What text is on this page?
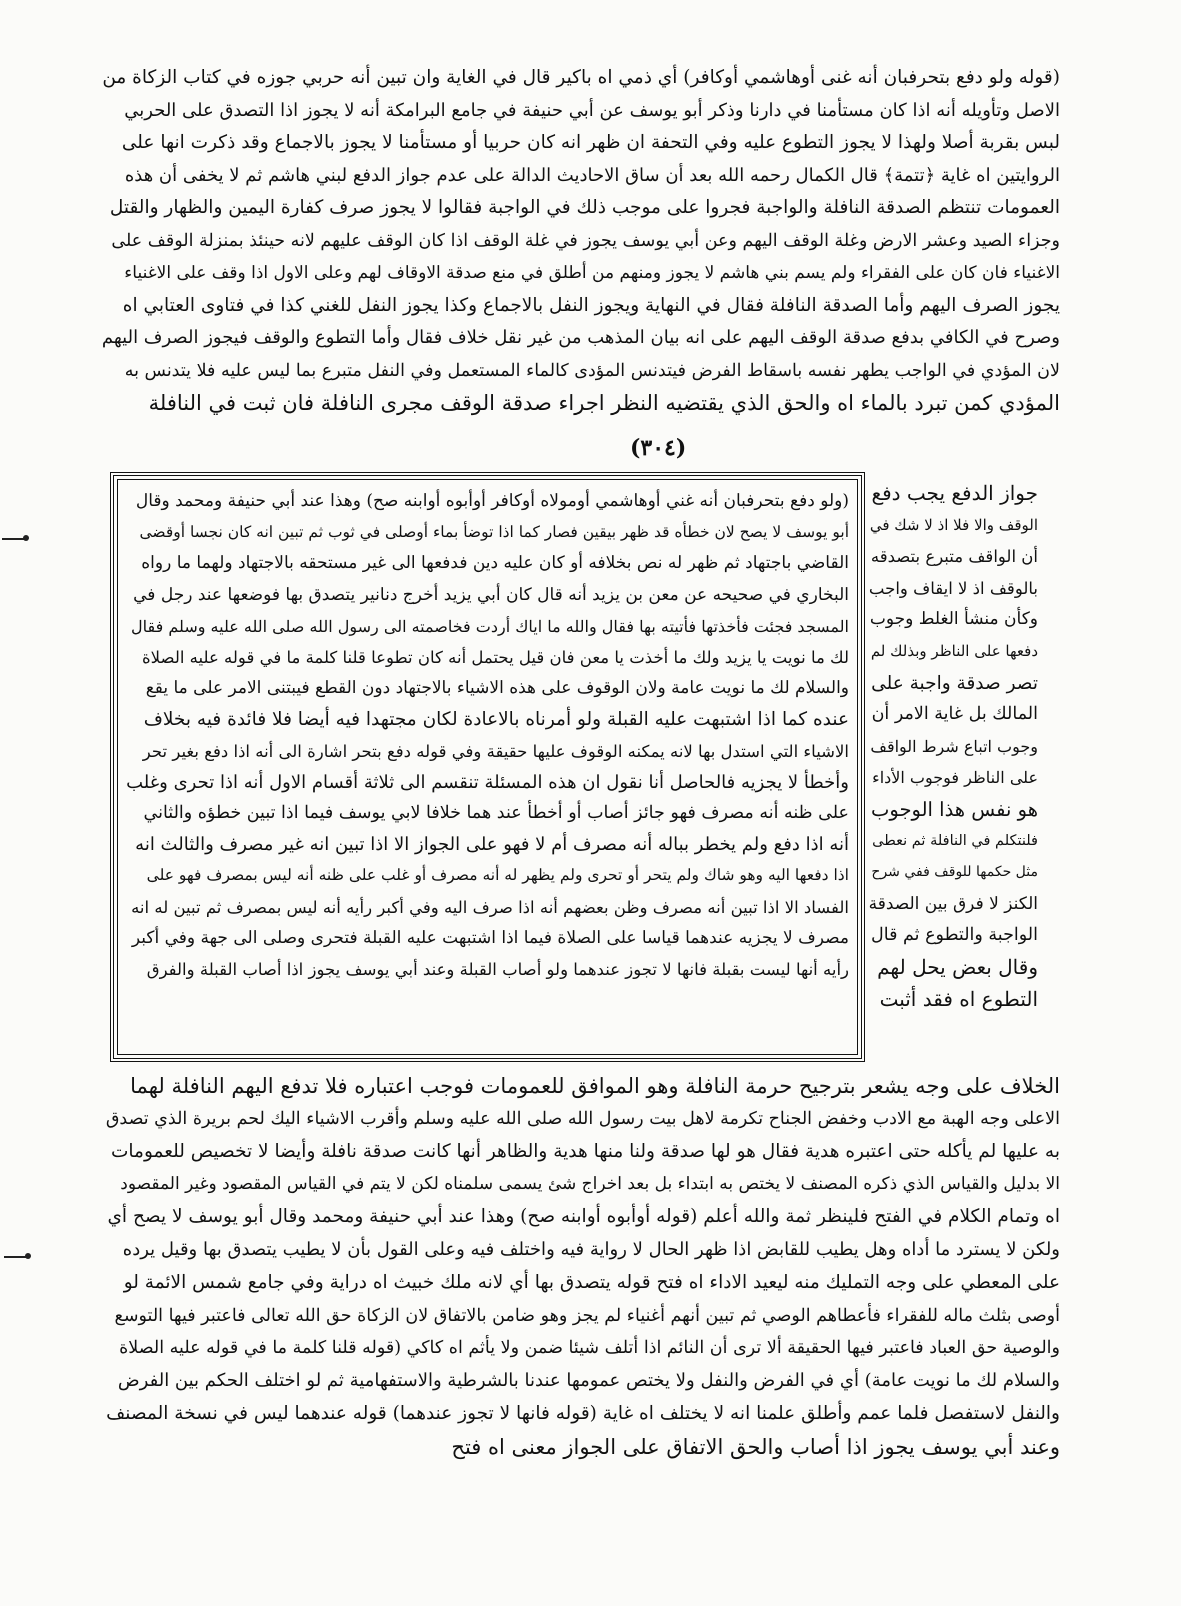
(قوله ولو دفع بتحرفبان أنه غنى أوهاشمي أوكافر) أي ذمي اه باكير قال في الغاية وان تبين أنه حربي جوزه في كتاب الزكاة من
الاصل وتأويله أنه اذا كان مستأمنا في دارنا وذكر أبو يوسف عن أبي حنيفة في جامع البرامكة أنه لا يجوز اذا التصدق على الحربي
لبس بقربة أصلا ولهذا لا يجوز التطوع عليه وفي التحفة ان ظهر انه كان حربيا أو مستأمنا لا يجوز بالاجماع وقد ذكرت انها على
الروايتين اه غاية ﴿تتمة﴾ قال الكمال رحمه الله بعد أن ساق الاحاديث الدالة على عدم جواز الدفع لبني هاشم ثم لا يخفى أن هذه
العمومات تنتظم الصدقة النافلة والواجبة فجروا على موجب ذلك في الواجبة فقالوا لا يجوز صرف كفارة اليمين والظهار والقتل
وجزاء الصيد وعشر الارض وغلة الوقف اليهم وعن أبي يوسف يجوز في غلة الوقف اذا كان الوقف عليهم لانه حينئذ بمنزلة الوقف على
الاغنياء فان كان على الفقراء ولم يسم بني هاشم لا يجوز ومنهم من أطلق في منع صدقة الاوقاف لهم وعلى الاول اذا وقف على الاغنياء
يجوز الصرف اليهم وأما الصدقة النافلة فقال في النهاية ويجوز النفل بالاجماع وكذا يجوز النفل للغني كذا في فتاوى العتابي اه
وصرح في الكافي بدفع صدقة الوقف اليهم على انه بيان المذهب من غير نقل خلاف فقال وأما التطوع والوقف فيجوز الصرف اليهم
لان المؤدي في الواجب يطهر نفسه باسقاط الفرض فيتدنس المؤدى كالماء المستعمل وفي النفل متبرع بما ليس عليه فلا يتدنس به
المؤدي كمن تبرد بالماء اه والحق الذي يقتضيه النظر اجراء صدقة الوقف مجرى النافلة فان ثبت في النافلة
(٣٠٤)
(ولو دفع بتحرفبان أنه غني أوهاشمي أومولاه أوكافر أوأبوه أوابنه صح) وهذا عند أبي حنيفة ومحمد وقال
أبو يوسف لا يصح لان خطأه قد ظهر بيقين فصار كما اذا توضأ بماء أوصلى في ثوب ثم تبين انه كان نجسا أوقضى
القاضي باجتهاد ثم ظهر له نص بخلافه أو كان عليه دين فدفعها الى غير مستحقه بالاجتهاد ولهما ما رواه
البخاري في صحيحه عن معن بن يزيد أنه قال كان أبي يزيد أخرج دنانير يتصدق بها فوضعها عند رجل في
المسجد فجئت فأخذتها فأتيته بها فقال والله ما اياك أردت فخاصمته الى رسول الله صلى الله عليه وسلم فقال
لك ما نويت يا يزيد ولك ما أخذت يا معن فان قيل يحتمل أنه كان تطوعا قلنا كلمة ما في قوله عليه الصلاة
والسلام لك ما نويت عامة ولان الوقوف على هذه الاشياء بالاجتهاد دون القطع فيبتنى الامر على ما يقع
عنده كما اذا اشتبهت عليه القبلة ولو أمرناه بالاعادة لكان مجتهدا فيه أيضا فلا فائدة فيه بخلاف
الاشياء التي استدل بها لانه يمكنه الوقوف عليها حقيقة وفي قوله دفع بتحر اشارة الى أنه اذا دفع بغير تحر
وأخطأ لا يجزيه فالحاصل أنا نقول ان هذه المسئلة تنقسم الى ثلاثة أقسام الاول أنه اذا تحرى وغلب
على ظنه أنه مصرف فهو جائز أصاب أو أخطأ عند هما خلافا لابي يوسف فيما اذا تبين خطؤه والثاني
أنه اذا دفع ولم يخطر بباله أنه مصرف أم لا فهو على الجواز الا اذا تبين انه غير مصرف والثالث انه
اذا دفعها اليه وهو شاك ولم يتحر أو تحرى ولم يظهر له أنه مصرف أو غلب على ظنه أنه ليس بمصرف فهو على
الفساد الا اذا تبين أنه مصرف وظن بعضهم أنه اذا صرف اليه وفي أكبر رأيه أنه ليس بمصرف ثم تبين له انه
مصرف لا يجزيه عندهما قياسا على الصلاة فيما اذا اشتبهت عليه القبلة فتحرى وصلى الى جهة وفي أكبر
رأيه أنها ليست بقبلة فانها لا تجوز عندهما ولو أصاب القبلة وعند أبي يوسف يجوز اذا أصاب القبلة والفرق
جواز الدفع يجب دفع
الوقف والا فلا اذ لا شك في
أن الواقف متبرع بتصدقه
بالوقف اذ لا ايقاف واجب
وكأن منشأ الغلط وجوب
دفعها على الناظر وبذلك لم
تصر صدقة واجبة على
المالك بل غاية الامر أن
وجوب اتباع شرط الواقف
على الناظر فوجوب الأداء
هو نفس هذا الوجوب
فلنتكلم في النافلة ثم نعطى
مثل حكمها للوقف ففي شرح
الكنز لا فرق بين الصدقة
الواجبة والتطوع ثم قال
وقال بعض يحل لهم
التطوع اه فقد أثبت
الخلاف على وجه يشعر بترجيح حرمة النافلة وهو الموافق للعمومات فوجب اعتباره فلا تدفع اليهم النافلة لهما
الاعلى وجه الهبة مع الادب وخفض الجناح تكرمة لاهل بيت رسول الله صلى الله عليه وسلم وأقرب الاشياء اليك لحم بريرة الذي تصدق
به عليها لم يأكله حتى اعتبره هدية فقال هو لها صدقة ولنا منها هدية والظاهر أنها كانت صدقة نافلة وأيضا لا تخصيص للعمومات
الا بدليل والقياس الذي ذكره المصنف لا يختص به ابتداء بل بعد اخراج شئ يسمى سلمناه لكن لا يتم في القياس المقصود وغير المقصود
اه وتمام الكلام في الفتح فلينظر ثمة والله أعلم (قوله أوأبوه أوابنه صح) وهذا عند أبي حنيفة ومحمد وقال أبو يوسف لا يصح أي
ولكن لا يسترد ما أداه وهل يطيب للقابض اذا ظهر الحال لا رواية فيه واختلف فيه وعلى القول بأن لا يطيب يتصدق بها وقيل يرده
على المعطي على وجه التمليك منه ليعيد الاداء اه فتح قوله يتصدق بها أي لانه ملك خبيث اه دراية وفي جامع شمس الائمة لو
أوصى بثلث ماله للفقراء فأعطاهم الوصي ثم تبين أنهم أغنياء لم يجز وهو ضامن بالاتفاق لان الزكاة حق الله تعالى فاعتبر فيها التوسع
والوصية حق العباد فاعتبر فيها الحقيقة ألا ترى أن النائم اذا أتلف شيئا ضمن ولا يأثم اه كاكي (قوله قلنا كلمة ما في قوله عليه الصلاة
والسلام لك ما نويت عامة) أي في الفرض والنفل ولا يختص عمومها عندنا بالشرطية والاستفهامية ثم لو اختلف الحكم بين الفرض
والنفل لاستفصل فلما عمم وأطلق علمنا انه لا يختلف اه غاية (قوله فانها لا تجوز عندهما) قوله عندهما ليس في نسخة المصنف
وعند أبي يوسف يجوز اذا أصاب والحق الاتفاق على الجواز معنى اه فتح
